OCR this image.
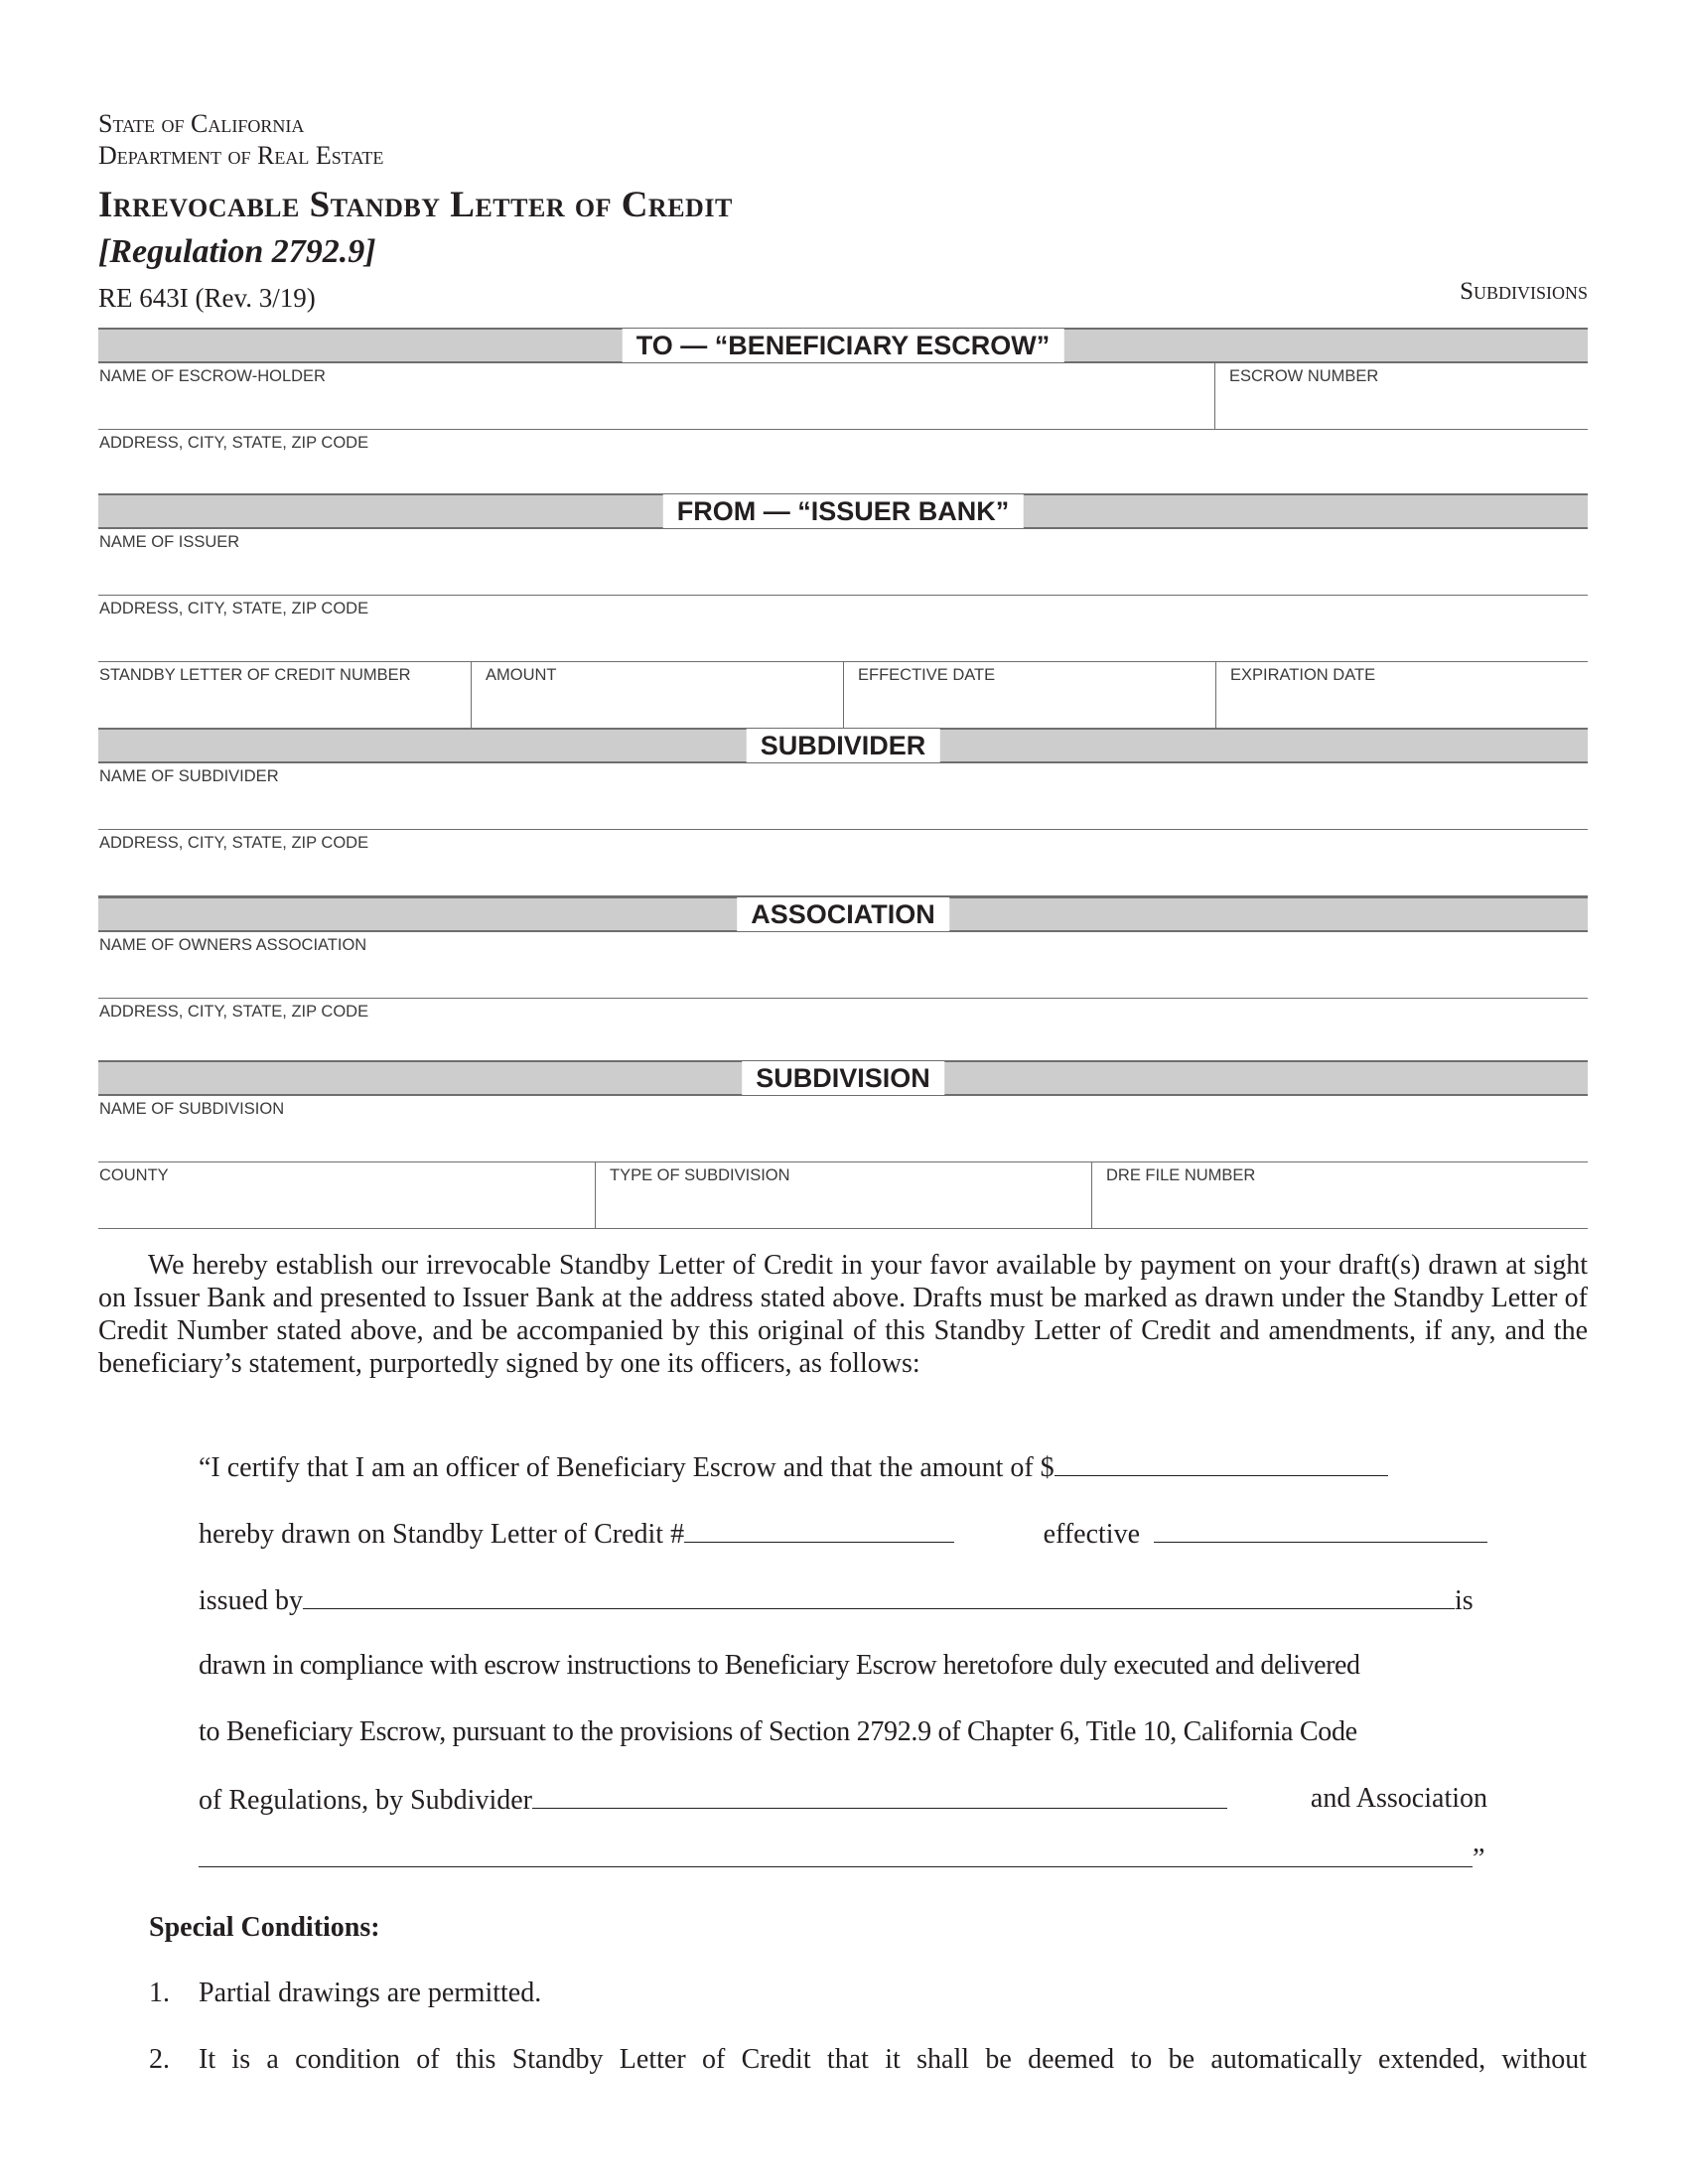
State of California
Department of Real Estate
Irrevocable Standby Letter of Credit
[Regulation 2792.9]
RE 643I (Rev. 3/19)	Subdivisions
TO — “BENEFICIARY ESCROW”
NAME OF ESCROW-HOLDER	ESCROW NUMBER
ADDRESS, CITY, STATE, ZIP CODE
FROM — “ISSUER BANK”
NAME OF ISSUER
ADDRESS, CITY, STATE, ZIP CODE
STANDBY LETTER OF CREDIT NUMBER	AMOUNT	EFFECTIVE DATE	EXPIRATION DATE
SUBDIVIDER
NAME OF SUBDIVIDER
ADDRESS, CITY, STATE, ZIP CODE
ASSOCIATION
NAME OF OWNERS ASSOCIATION
ADDRESS, CITY, STATE, ZIP CODE
SUBDIVISION
NAME OF SUBDIVISION
COUNTY	TYPE OF SUBDIVISION	DRE FILE NUMBER
We hereby establish our irrevocable Standby Letter of Credit in your favor available by payment on your draft(s) drawn at sight on Issuer Bank and presented to Issuer Bank at the address stated above. Drafts must be marked as drawn under the Standby Letter of Credit Number stated above, and be accompanied by this original of this Standby Letter of Credit and amendments, if any, and the beneficiary’s statement, purportedly signed by one its officers, as follows:
“I certify that I am an officer of Beneficiary Escrow and that the amount of $
hereby drawn on Standby Letter of Credit #	effective
issued by	is
drawn in compliance with escrow instructions to Beneficiary Escrow heretofore duly executed and delivered
to Beneficiary Escrow, pursuant to the provisions of Section 2792.9 of Chapter 6, Title 10, California Code
of Regulations, by Subdivider	and Association
”
Special Conditions:
1. Partial drawings are permitted.
2. It is a condition of this Standby Letter of Credit that it shall be deemed to be automatically extended, without
